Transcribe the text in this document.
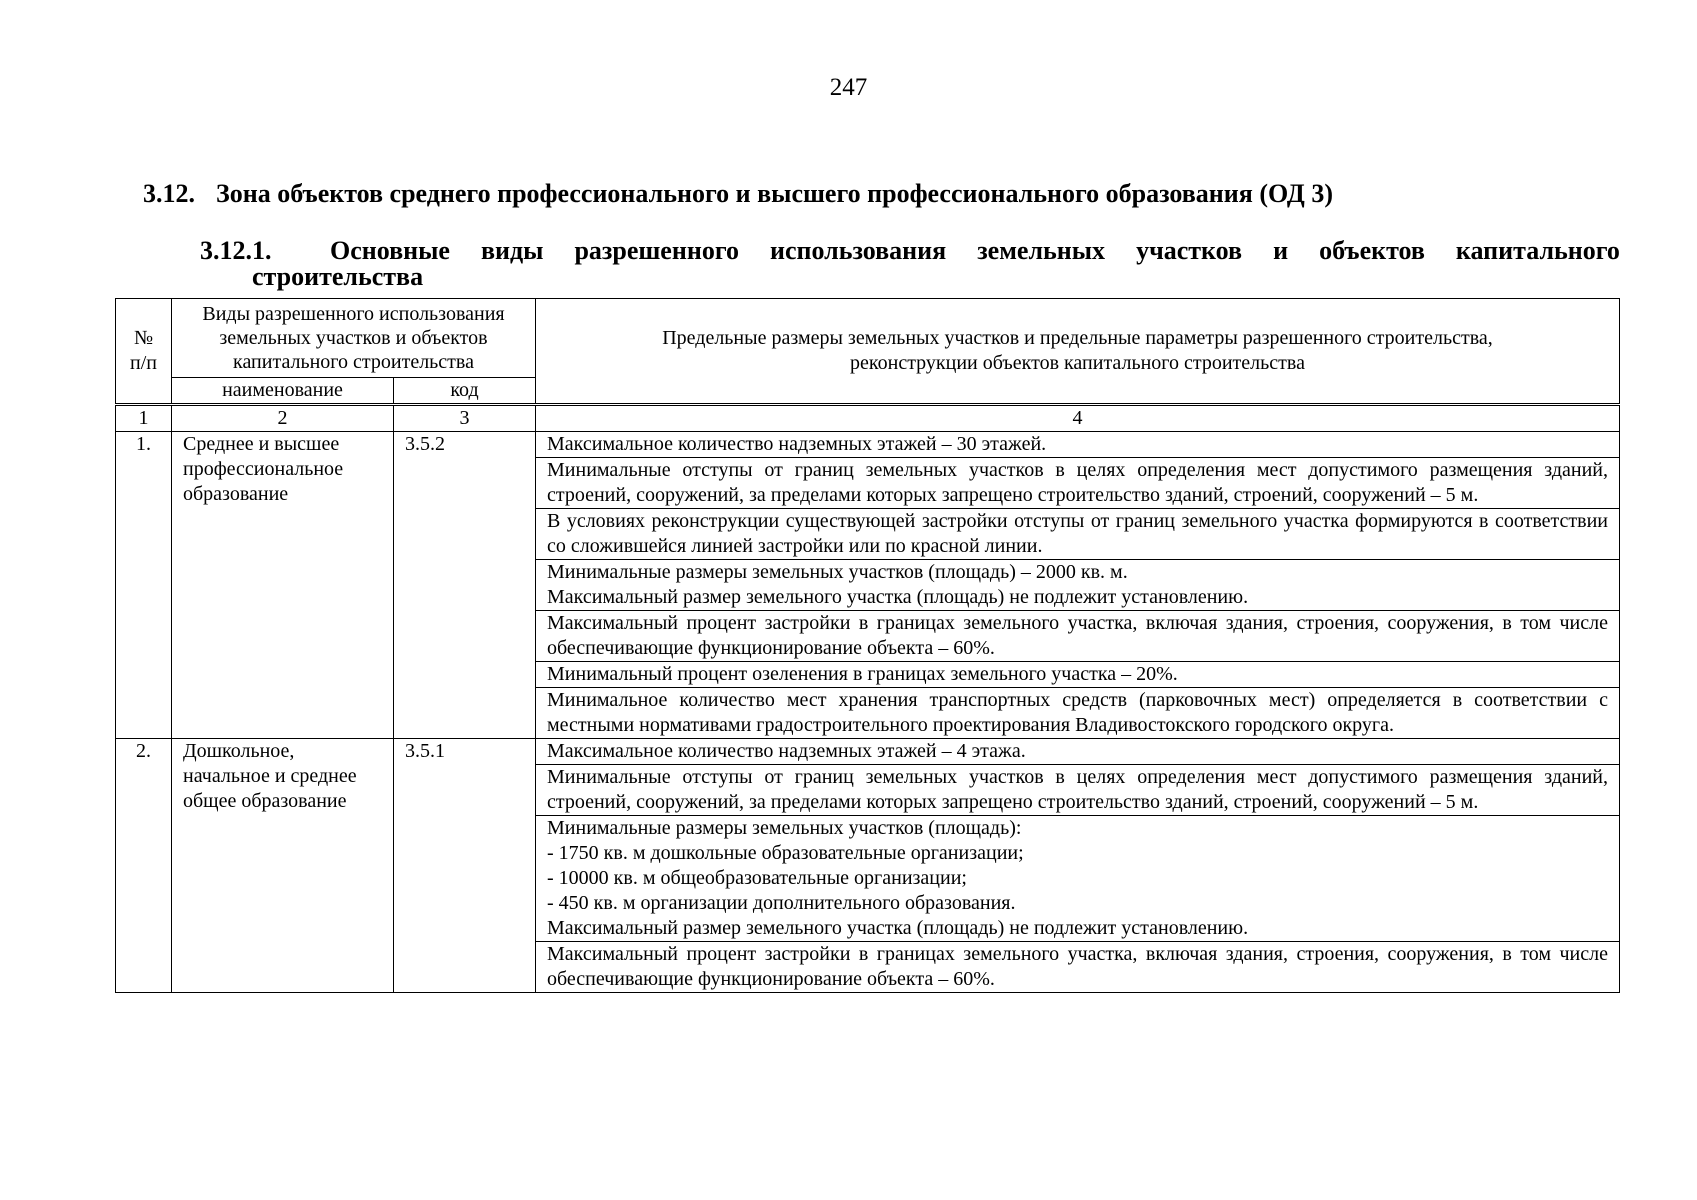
247
3.12. Зона объектов среднего профессионального и высшего профессионального образования (ОД 3)
3.12.1.	Основные виды разрешенного использования земельных участков и объектов капитального
строительства
№
п/п	Виды разрешенного использования земельных участков и объектов капитального строительства		Предельные размеры земельных участков и предельные параметры разрешенного строительства, реконструкции объектов капитального строительства
	наименование	код	
1	2	3	4
1.	Среднее и высшее профессиональное образование	3.5.2	Максимальное количество надземных этажей – 30 этажей.
			Минимальные отступы от границ земельных участков в целях определения мест допустимого размещения зданий, строений, сооружений, за пределами которых запрещено строительство зданий, строений, сооружений – 5 м.
			В условиях реконструкции существующей застройки отступы от границ земельного участка формируются в соответствии со сложившейся линией застройки или по красной линии.
			Минимальные размеры земельных участков (площадь) – 2000 кв. м.
Максимальный размер земельного участка (площадь) не подлежит установлению.
			Максимальный процент застройки в границах земельного участка, включая здания, строения, сооружения, в том числе обеспечивающие функционирование объекта – 60%.
			Минимальный процент озеленения в границах земельного участка – 20%.
			Минимальное количество мест хранения транспортных средств (парковочных мест) определяется в соответствии с местными нормативами градостроительного проектирования Владивостокского городского округа.
2.	Дошкольное, начальное и среднее общее образование	3.5.1	Максимальное количество надземных этажей – 4 этажа.
			Минимальные отступы от границ земельных участков в целях определения мест допустимого размещения зданий, строений, сооружений, за пределами которых запрещено строительство зданий, строений, сооружений – 5 м.
			Минимальные размеры земельных участков (площадь):
- 1750 кв. м дошкольные образовательные организации;
- 10000 кв. м общеобразовательные организации;
- 450 кв. м организации дополнительного образования.
Максимальный размер земельного участка (площадь) не подлежит установлению.
			Максимальный процент застройки в границах земельного участка, включая здания, строения, сооружения, в том числе обеспечивающие функционирование объекта – 60%.
